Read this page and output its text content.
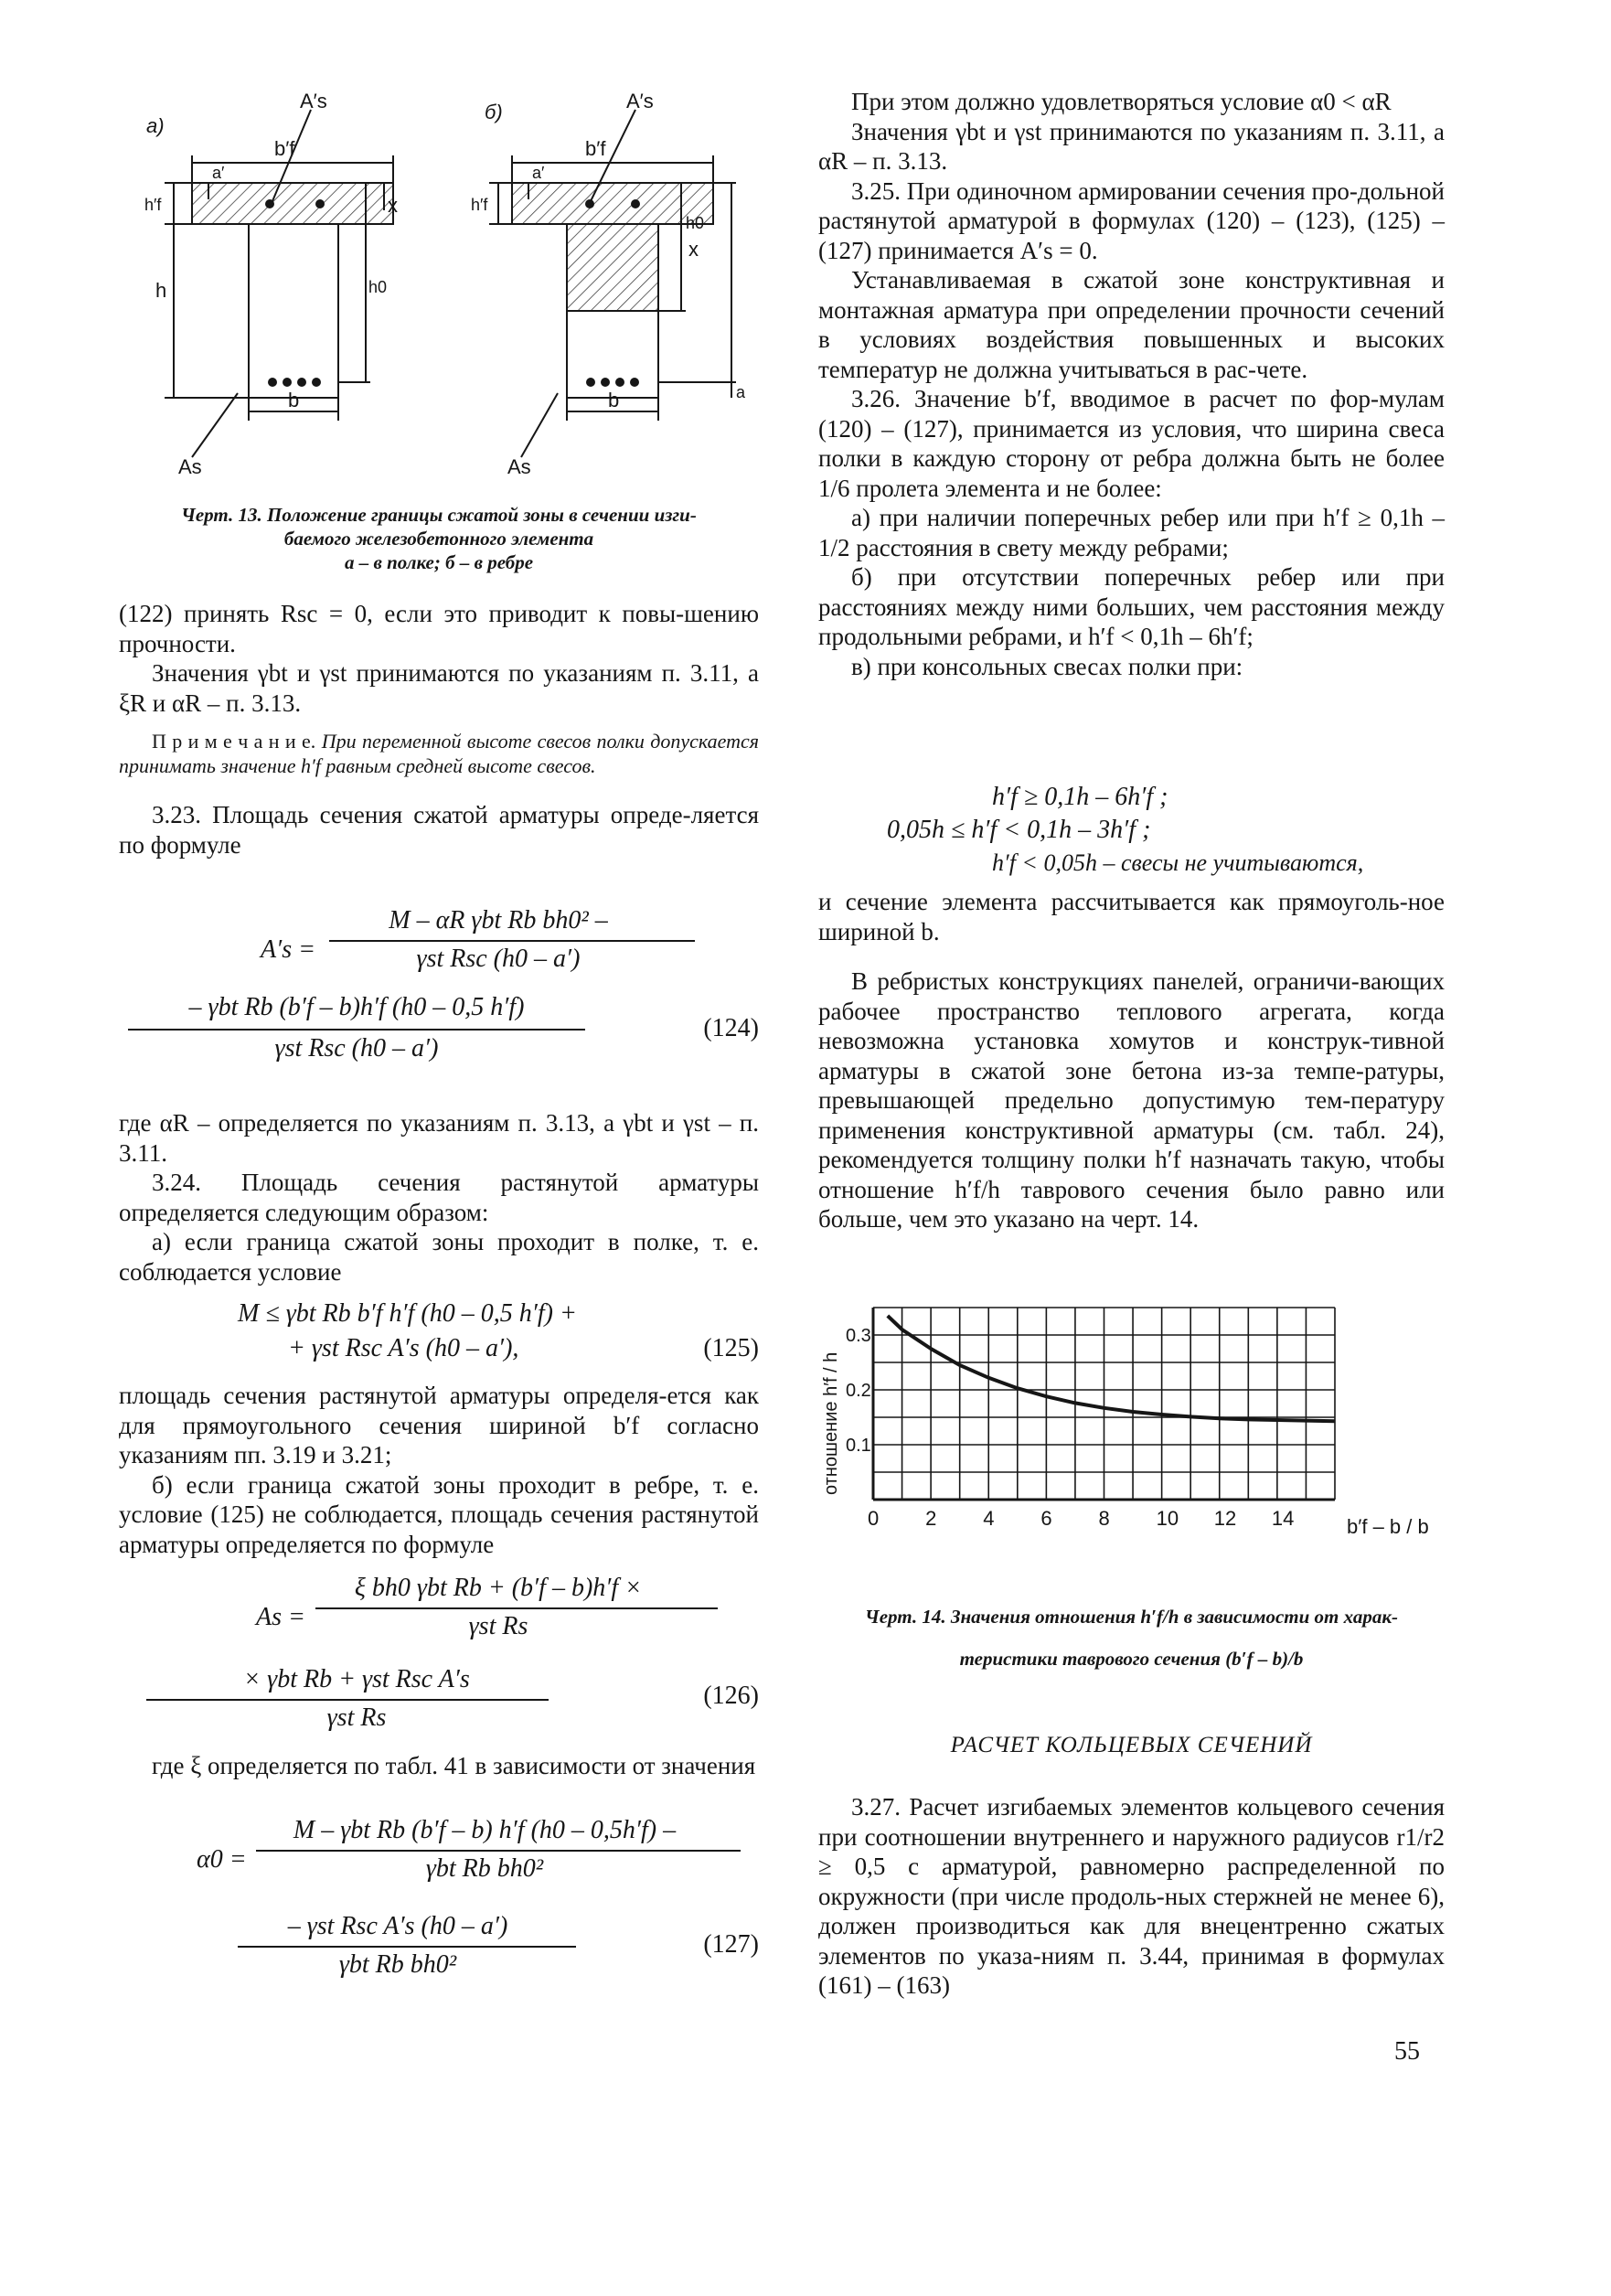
а)
б)
b′f
A′s
b′f
A′s
b	b
As	As
x
x
h0
h0
h
h′f	h′f
a′	a′
a

Черт. 13. Положение границы сжатой зоны в сечении изги-

баемого железобетонного элемента

а – в полке; б – в ребре

(122) принять Rsc = 0, если это приводит к повы-шению прочности.

Значения γbt и γst принимаются по указаниям п. 3.11, а ξR и αR – п. 3.13.

П р и м е ч а н и е. При переменной высоте свесов полки допускается принимать значение h′f равным средней высоте свесов.

3.23. Площадь сечения сжатой арматуры опреде-ляется по формуле

A′s =
M – αR γbt Rb bh0² –
γst Rsc (h0 – a′)
– γbt Rb (b′f – b)h′f (h0 – 0,5 h′f)
γst Rsc (h0 – a′)
(124)

где αR – определяется по указаниям п. 3.13, а γbt и γst – п. 3.11.

3.24. Площадь сечения растянутой арматуры определяется следующим образом:

а) если граница сжатой зоны проходит в полке, т. е. соблюдается условие

M ≤ γbt Rb b′f h′f (h0 – 0,5 h′f) +
+ γst Rsc A′s (h0 – a′),	(125)

площадь сечения растянутой арматуры определя-ется как для прямоугольного сечения шириной b′f согласно указаниям пп. 3.19 и 3.21;

б) если граница сжатой зоны проходит в ребре, т. е. условие (125) не соблюдается, площадь сечения растянутой арматуры определяется по формуле

As =
ξ bh0 γbt Rb + (b′f – b)h′f ×
γst Rs
× γbt Rb + γst Rsc A′s
γst Rs
(126)

где ξ определяется по табл. 41 в зависимости от значения

α0 =
M – γbt Rb (b′f – b) h′f (h0 – 0,5h′f) –
γbt Rb bh0²
– γst Rsc A′s (h0 – a′)
γbt Rb bh0²
(127)

При этом должно удовлетворяться условие α0 < αR

Значения γbt и γst принимаются по указаниям п. 3.11, а αR – п. 3.13.

3.25. При одиночном армировании сечения про-дольной растянутой арматурой в формулах (120) – (123), (125) – (127) принимается A′s = 0.

Устанавливаемая в сжатой зоне конструктивная и монтажная арматура при определении прочности сечений в условиях воздействия повышенных и высоких температур не должна учитываться в рас-чете.

3.26. Значение b′f, вводимое в расчет по фор-мулам (120) – (127), принимается из условия, что ширина свеса полки в каждую сторону от ребра должна быть не более 1/6 пролета элемента и не более:

а) при наличии поперечных ребер или при h′f ≥ 0,1h – 1/2 расстояния в свету между ребрами;

б) при отсутствии поперечных ребер или при расстояниях между ними больших, чем расстояния между продольными ребрами, и h′f < 0,1h – 6h′f;

в) при консольных свесах полки при:

h′f ≥ 0,1h – 6h′f ;
0,05h ≤ h′f < 0,1h – 3h′f ;
h′f < 0,05h – свесы не учитываются,

и сечение элемента рассчитывается как прямоуголь-ное шириной b.

В ребристых конструкциях панелей, ограничи-вающих рабочее пространство теплового агрегата, когда невозможна установка хомутов и конструк-тивной арматуры в сжатой зоне бетона из-за темпе-ратуры, превышающей предельно допустимую тем-пературу применения конструктивной арматуры (см. табл. 24), рекомендуется толщину полки h′f назначать такую, чтобы отношение h′f/h таврового сечения было равно или больше, чем это указано на черт. 14.

0 2 4 6 8 10 12 14
0.1
0.2
0.3
отношение h′f / h
b′f – b / b

Черт. 14. Значения отношения h′f/h в зависимости от харак-

теристики таврового сечения (b′f – b)/b

РАСЧЕТ КОЛЬЦЕВЫХ СЕЧЕНИЙ

3.27. Расчет изгибаемых элементов кольцевого сечения при соотношении внутреннего и наружного радиусов r1/r2 ≥ 0,5 с арматурой, равномерно распределенной по окружности (при числе продоль-ных стержней не менее 6), должен производиться как для внецентренно сжатых элементов по указа-ниям п. 3.44, принимая в формулах (161) – (163)

55
